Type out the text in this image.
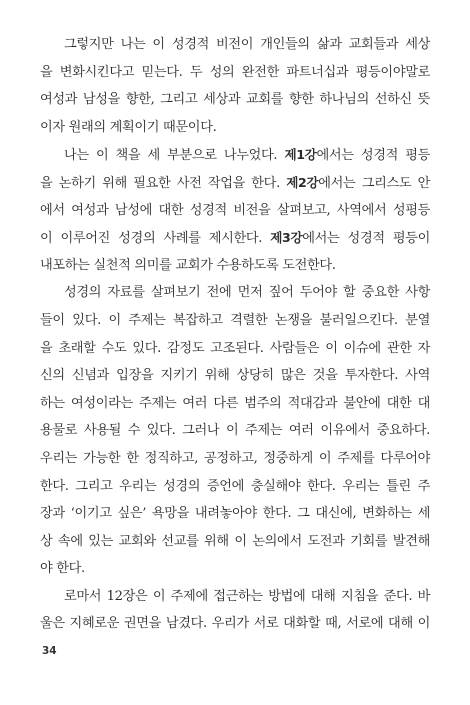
그렇지만 나는 이 성경적 비전이 개인들의 삶과 교회들과 세상
을 변화시킨다고 믿는다. 두 성의 완전한 파트너십과 평등이야말로
여성과 남성을 향한, 그리고 세상과 교회를 향한 하나님의 선하신 뜻
이자 원래의 계획이기 때문이다.
나는 이 책을 세 부분으로 나누었다. 제1강에서는 성경적 평등
을 논하기 위해 필요한 사전 작업을 한다. 제2강에서는 그리스도 안
에서 여성과 남성에 대한 성경적 비전을 살펴보고, 사역에서 성평등
이 이루어진 성경의 사례를 제시한다. 제3강에서는 성경적 평등이
내포하는 실천적 의미를 교회가 수용하도록 도전한다.
성경의 자료를 살펴보기 전에 먼저 짚어 두어야 할 중요한 사항
들이 있다. 이 주제는 복잡하고 격렬한 논쟁을 불러일으킨다. 분열
을 초래할 수도 있다. 감정도 고조된다. 사람들은 이 이슈에 관한 자
신의 신념과 입장을 지키기 위해 상당히 많은 것을 투자한다. 사역
하는 여성이라는 주제는 여러 다른 범주의 적대감과 불안에 대한 대
용물로 사용될 수 있다. 그러나 이 주제는 여러 이유에서 중요하다.
우리는 가능한 한 정직하고, 공정하고, 정중하게 이 주제를 다루어야
한다. 그리고 우리는 성경의 증언에 충실해야 한다. 우리는 틀린 주
장과 ‘이기고 싶은’ 욕망을 내려놓아야 한다. 그 대신에, 변화하는 세
상 속에 있는 교회와 선교를 위해 이 논의에서 도전과 기회를 발견해
야 한다.
로마서 12장은 이 주제에 접근하는 방법에 대해 지침을 준다. 바
울은 지혜로운 권면을 남겼다. 우리가 서로 대화할 때, 서로에 대해 이
34
